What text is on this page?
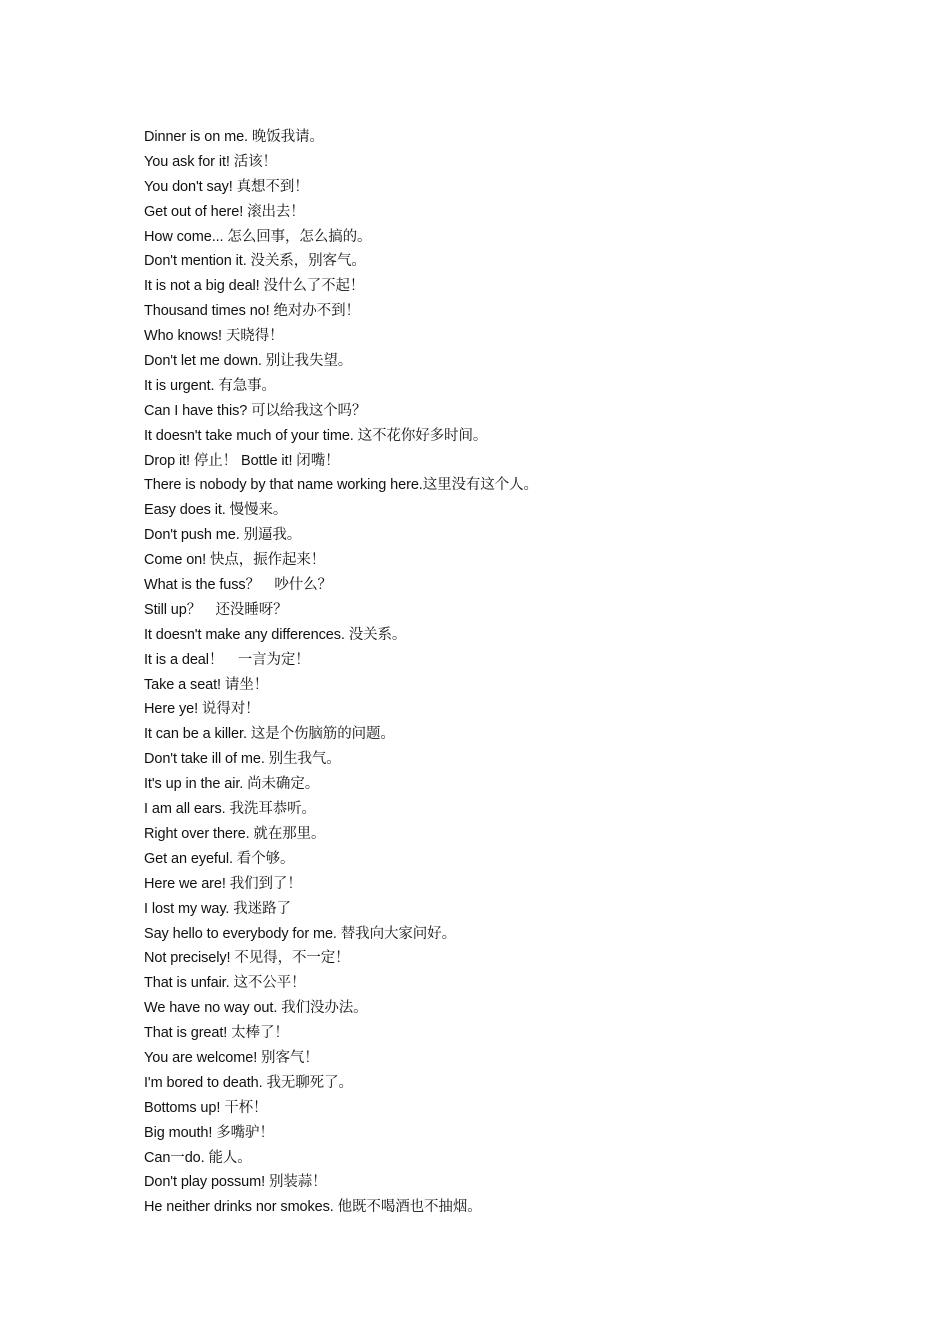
Dinner is on me. 晚饭我请。
You ask for it! 活该！
You don't say! 真想不到！
Get out of here! 滚出去！
How come... 怎么回事，怎么搞的。
Don't mention it. 没关系，别客气。
It is not a big deal! 没什么了不起！
Thousand times no! 绝对办不到！
Who knows! 天晓得！
Don't let me down. 别让我失望。
It is urgent. 有急事。
Can I have this? 可以给我这个吗？
It doesn't take much of your time. 这不花你好多时间。
Drop it! 停止！ Bottle it! 闭嘴！
There is nobody by that name working here.这里没有这个人。
Easy does it. 慢慢来。
Don't push me. 别逼我。
Come on! 快点，振作起来！
What is the fuss？　吵什么？
Still up？　还没睡呀？
It doesn't make any differences. 没关系。
It is a deal！　一言为定！
Take a seat! 请坐！
Here ye! 说得对！
It can be a killer. 这是个伤脑筋的问题。
Don't take ill of me. 别生我气。
It's up in the air. 尚未确定。
I am all ears. 我洗耳恭听。
Right over there. 就在那里。
Get an eyeful. 看个够。
Here we are! 我们到了！
I lost my way. 我迷路了
Say hello to everybody for me. 替我向大家问好。
Not precisely! 不见得，不一定！
That is unfair. 这不公平！
We have no way out. 我们没办法。
That is great! 太棒了！
You are welcome! 别客气！
I'm bored to death. 我无聊死了。
Bottoms up! 干杯！
Big mouth! 多嘴驴！
Can一do. 能人。
Don't play possum! 别装蒜！
He neither drinks nor smokes. 他既不喝酒也不抽烟。
